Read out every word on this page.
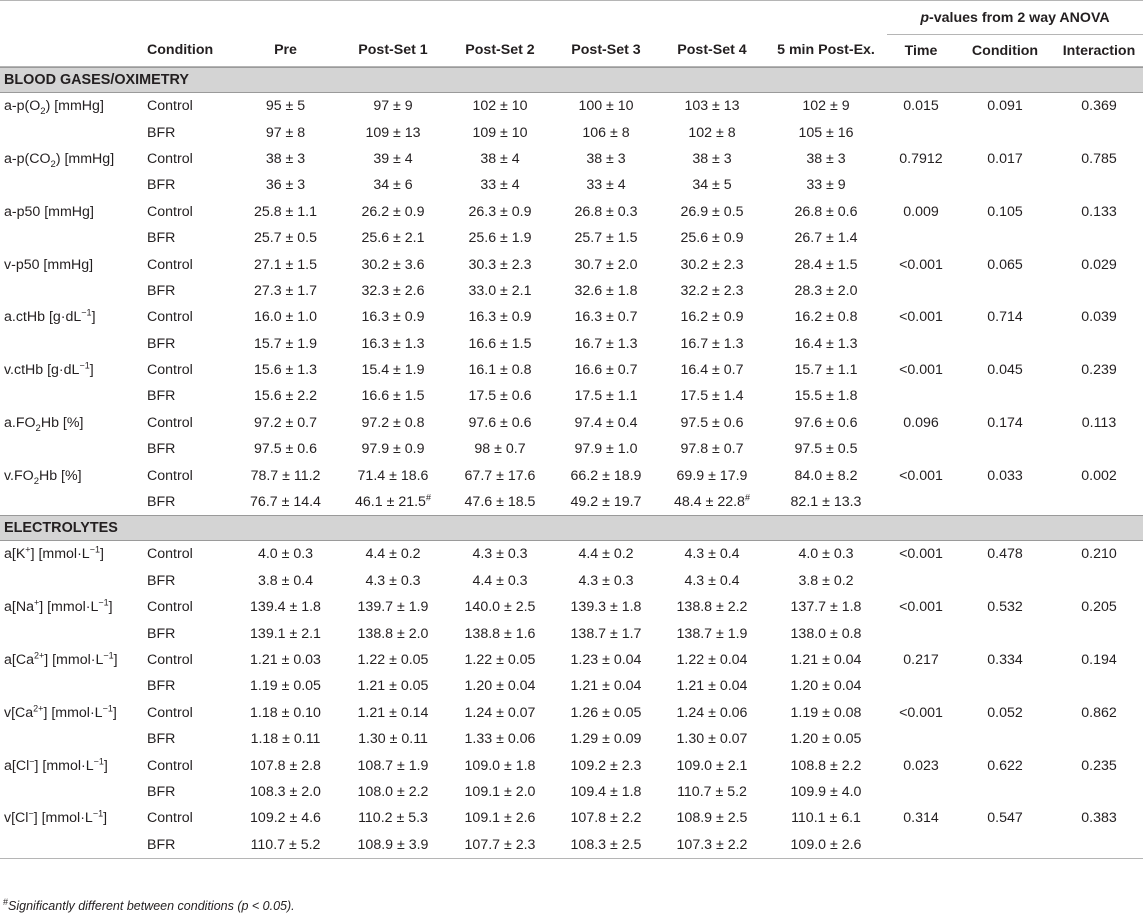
								p-values from 2 way ANOVA		
	Condition	Pre	Post-Set 1	Post-Set 2	Post-Set 3	Post-Set 4	5 min Post-Ex.	Time	Condition	Interaction

BLOOD GASES/OXIMETRY										
$a-p(O_2)$ [mmHg]	Control	95 ± 5	97 ± 9	102 ± 10	100 ± 10	103 ± 13	102 ± 9	0.015	0.091	0.369
	BFR	97 ± 8	109 ± 13	109 ± 10	106 ± 8	102 ± 8	105 ± 16			
$a-p(CO_2)$ [mmHg]	Control	38 ± 3	39 ± 4	38 ± 4	38 ± 3	38 ± 3	38 ± 3	0.7912	0.017	0.785
	BFR	36 ± 3	34 ± 6	33 ± 4	33 ± 4	34 ± 5	33 ± 9			
a-p50 [mmHg]	Control	25.8 ± 1.1	26.2 ± 0.9	26.3 ± 0.9	26.8 ± 0.3	26.9 ± 0.5	26.8 ± 0.6	0.009	0.105	0.133
	BFR	25.7 ± 0.5	25.6 ± 2.1	25.6 ± 1.9	25.7 ± 1.5	25.6 ± 0.9	26.7 ± 1.4			
v-p50 [mmHg]	Control	27.1 ± 1.5	30.2 ± 3.6	30.3 ± 2.3	30.7 ± 2.0	30.2 ± 2.3	28.4 ± 1.5	<0.001	0.065	0.029
	BFR	27.3 ± 1.7	32.3 ± 2.6	33.0 ± 2.1	32.6 ± 1.8	32.2 ± 2.3	28.3 ± 2.0			
a.ctHb $[g\cdot dL^{-1}]$	Control	16.0 ± 1.0	16.3 ± 0.9	16.3 ± 0.9	16.3 ± 0.7	16.2 ± 0.9	16.2 ± 0.8	<0.001	0.714	0.039
	BFR	15.7 ± 1.9	16.3 ± 1.3	16.6 ± 1.5	16.7 ± 1.3	16.7 ± 1.3	16.4 ± 1.3			
v.ctHb $[g\cdot dL^{-1}]$	Control	15.6 ± 1.3	15.4 ± 1.9	16.1 ± 0.8	16.6 ± 0.7	16.4 ± 0.7	15.7 ± 1.1	<0.001	0.045	0.239
	BFR	15.6 ± 2.2	16.6 ± 1.5	17.5 ± 0.6	17.5 ± 1.1	17.5 ± 1.4	15.5 ± 1.8			
$a.FO_2Hb$ [%]	Control	97.2 ± 0.7	97.2 ± 0.8	97.6 ± 0.6	97.4 ± 0.4	97.5 ± 0.6	97.6 ± 0.6	0.096	0.174	0.113
	BFR	97.5 ± 0.6	97.9 ± 0.9	98 ± 0.7	97.9 ± 1.0	97.8 ± 0.7	97.5 ± 0.5			
$v.FO_2Hb$ [%]	Control	78.7 ± 11.2	71.4 ± 18.6	67.7 ± 17.6	66.2 ± 18.9	69.9 ± 17.9	84.0 ± 8.2	<0.001	0.033	0.002
	BFR	76.7 ± 14.4	46.1 ± 21.5#	47.6 ± 18.5	49.2 ± 19.7	48.4 ± 22.8#	82.1 ± 13.3			
ELECTROLYTES										
a[K+] $[mmol\cdot L^{-1}]$	Control	4.0 ± 0.3	4.4 ± 0.2	4.3 ± 0.3	4.4 ± 0.2	4.3 ± 0.4	4.0 ± 0.3	<0.001	0.478	0.210
	BFR	3.8 ± 0.4	4.3 ± 0.3	4.4 ± 0.3	4.3 ± 0.3	4.3 ± 0.4	3.8 ± 0.2			
a[Na+] $[mmol\cdot L^{-1}]$	Control	139.4 ± 1.8	139.7 ± 1.9	140.0 ± 2.5	139.3 ± 1.8	138.8 ± 2.2	137.7 ± 1.8	<0.001	0.532	0.205
	BFR	139.1 ± 2.1	138.8 ± 2.0	138.8 ± 1.6	138.7 ± 1.7	138.7 ± 1.9	138.0 ± 0.8			
$a[Ca^{2+}]$ $[mmol\cdot L^{-1}]$	Control	1.21 ± 0.03	1.22 ± 0.05	1.22 ± 0.05	1.23 ± 0.04	1.22 ± 0.04	1.21 ± 0.04	0.217	0.334	0.194
	BFR	1.19 ± 0.05	1.21 ± 0.05	1.20 ± 0.04	1.21 ± 0.04	1.21 ± 0.04	1.20 ± 0.04			
$v[Ca^{2+}]$ $[mmol\cdot L^{-1}]$	Control	1.18 ± 0.10	1.21 ± 0.14	1.24 ± 0.07	1.26 ± 0.05	1.24 ± 0.06	1.19 ± 0.08	<0.001	0.052	0.862
	BFR	1.18 ± 0.11	1.30 ± 0.11	1.33 ± 0.06	1.29 ± 0.09	1.30 ± 0.07	1.20 ± 0.05			
a[Cl−] $[mmol\cdot L^{-1}]$	Control	107.8 ± 2.8	108.7 ± 1.9	109.0 ± 1.8	109.2 ± 2.3	109.0 ± 2.1	108.8 ± 2.2	0.023	0.622	0.235
	BFR	108.3 ± 2.0	108.0 ± 2.2	109.1 ± 2.0	109.4 ± 1.8	110.7 ± 5.2	109.9 ± 4.0			
v[Cl−] $[mmol\cdot L^{-1}]$	Control	109.2 ± 4.6	110.2 ± 5.3	109.1 ± 2.6	107.8 ± 2.2	108.9 ± 2.5	110.1 ± 6.1	0.314	0.547	0.383
	BFR	110.7 ± 5.2	108.9 ± 3.9	107.7 ± 2.3	108.3 ± 2.5	107.3 ± 2.2	109.0 ± 2.6			

#Significantly different between conditions (p < 0.05).
